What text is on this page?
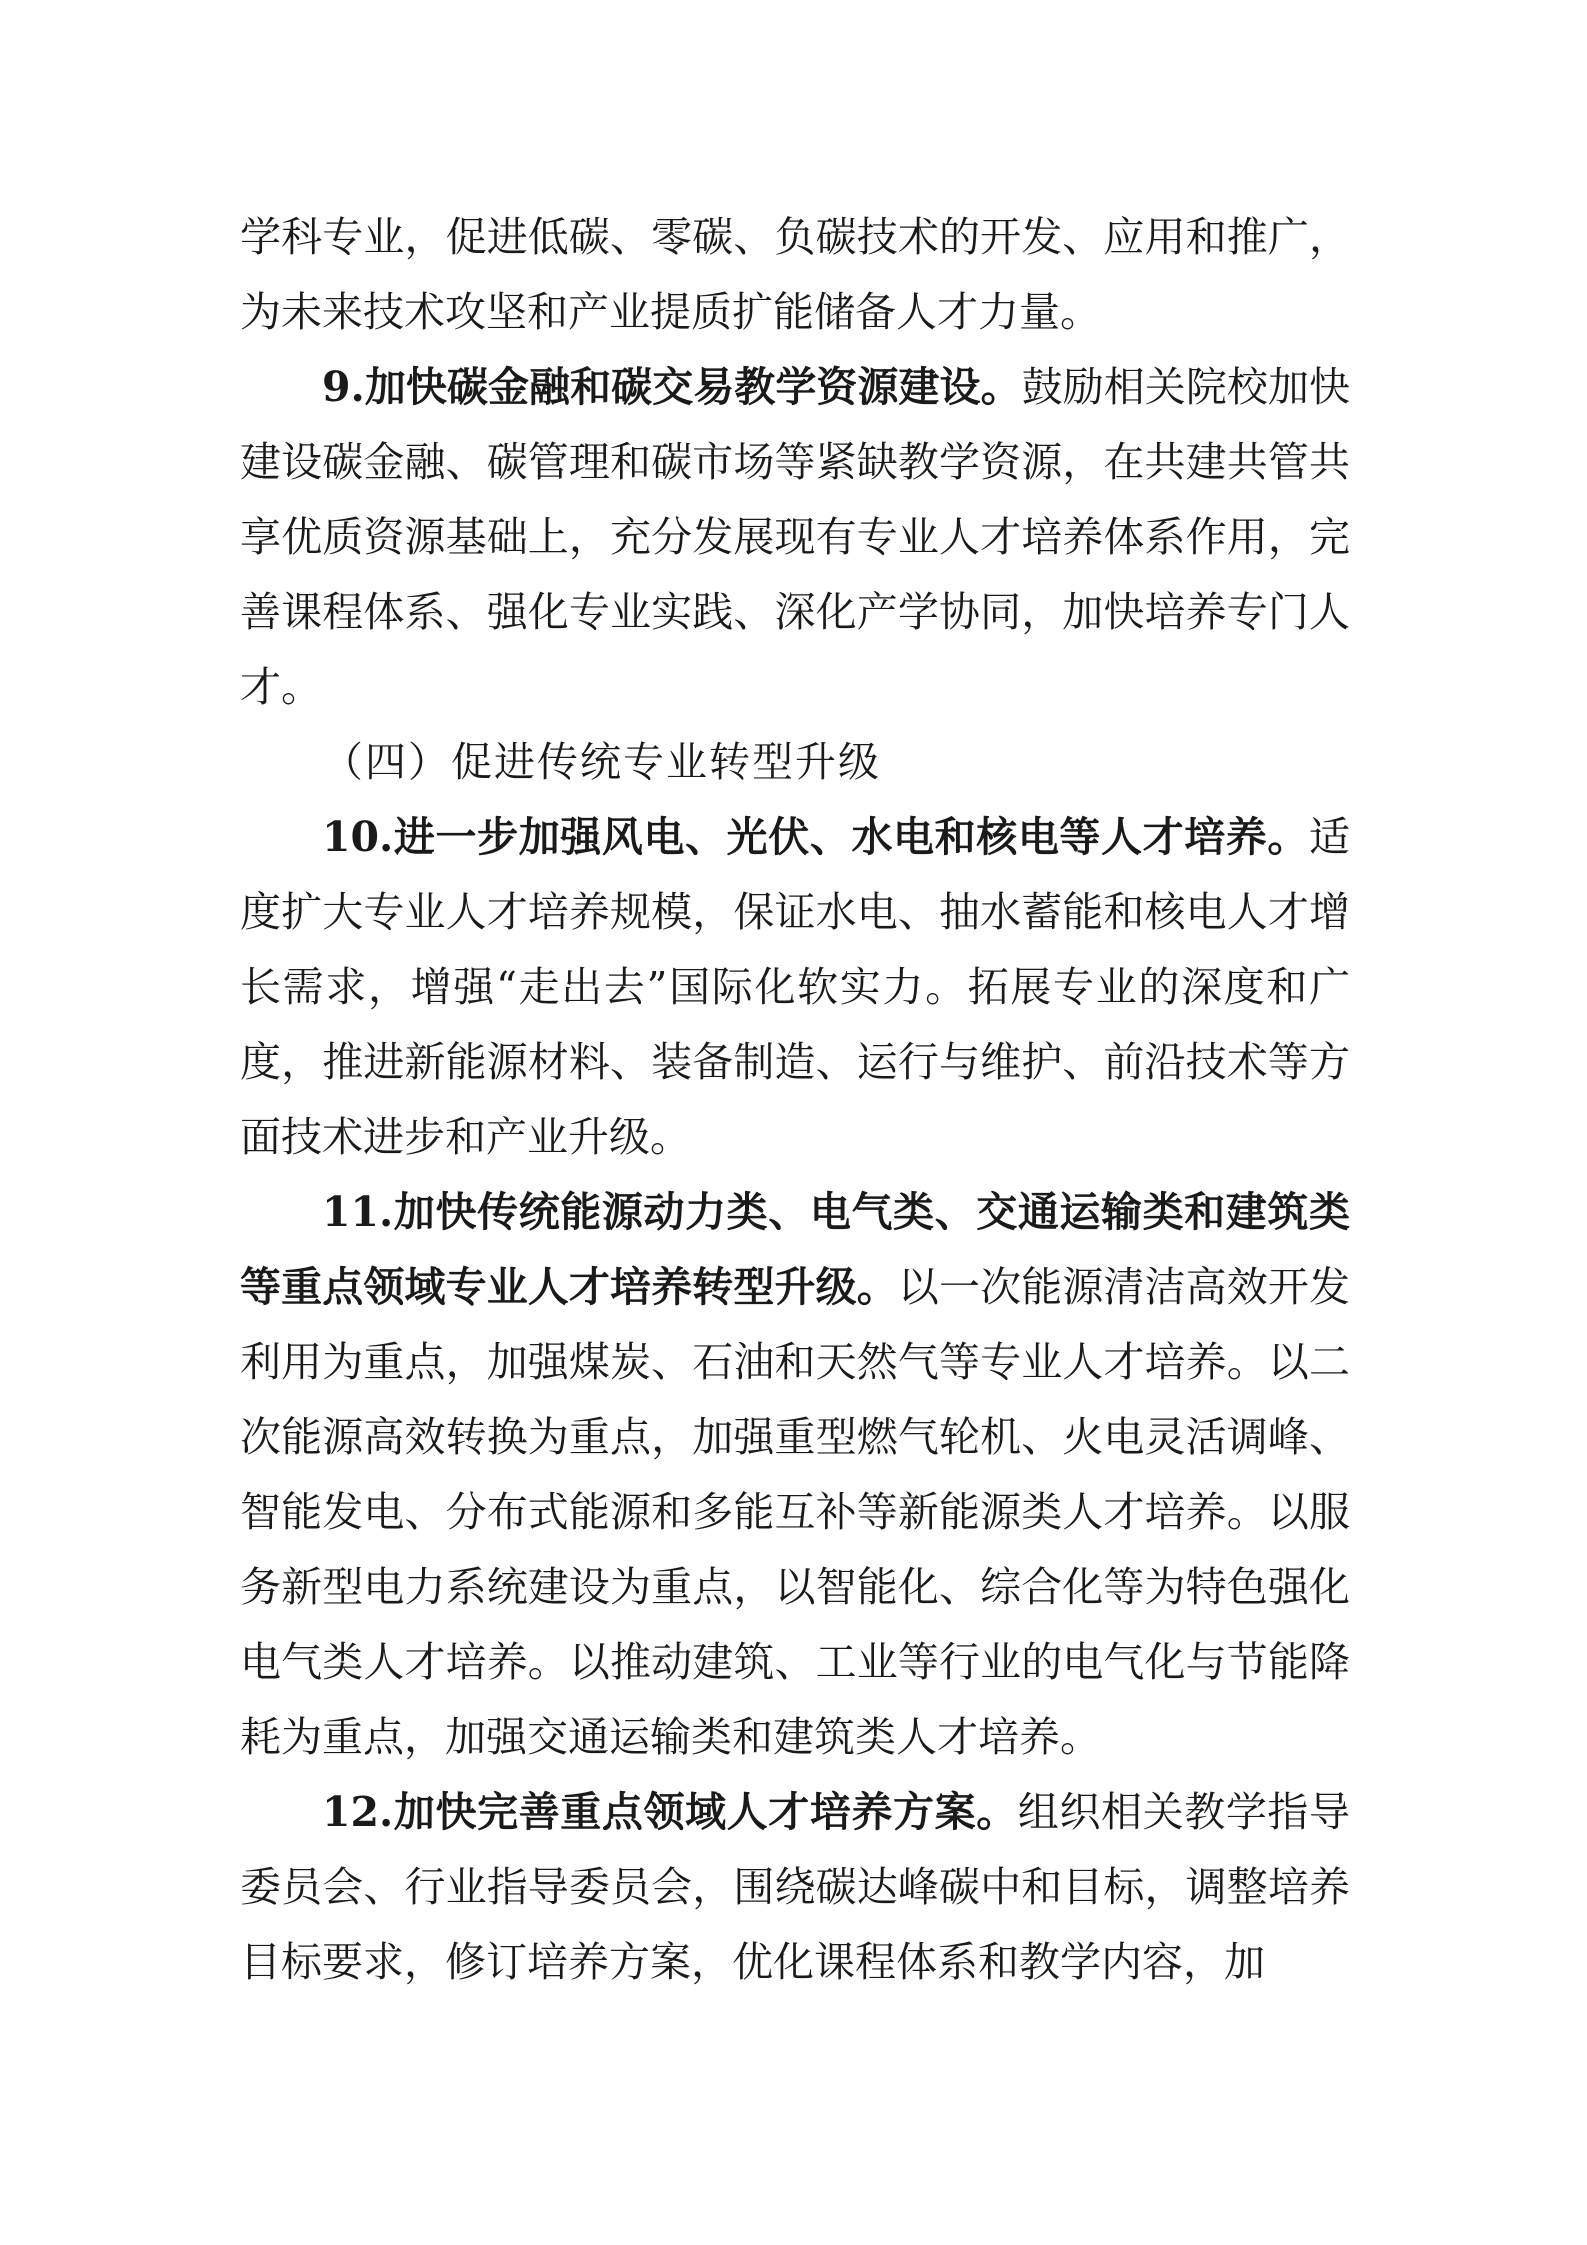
学科专业，促进低碳、零碳、负碳技术的开发、应用和推广，为未来技术攻坚和产业提质扩能储备人才力量。

9.加快碳金融和碳交易教学资源建设。鼓励相关院校加快建设碳金融、碳管理和碳市场等紧缺教学资源，在共建共管共享优质资源基础上，充分发展现有专业人才培养体系作用，完善课程体系、强化专业实践、深化产学协同，加快培养专门人才。

（四）促进传统专业转型升级

10.进一步加强风电、光伏、水电和核电等人才培养。适度扩大专业人才培养规模，保证水电、抽水蓄能和核电人才增长需求，增强“走出去”国际化软实力。拓展专业的深度和广度，推进新能源材料、装备制造、运行与维护、前沿技术等方面技术进步和产业升级。

11.加快传统能源动力类、电气类、交通运输类和建筑类等重点领域专业人才培养转型升级。以一次能源清洁高效开发利用为重点，加强煤炭、石油和天然气等专业人才培养。以二次能源高效转换为重点，加强重型燃气轮机、火电灵活调峰、智能发电、分布式能源和多能互补等新能源类人才培养。以服务新型电力系统建设为重点，以智能化、综合化等为特色强化电气类人才培养。以推动建筑、工业等行业的电气化与节能降耗为重点，加强交通运输类和建筑类人才培养。

12.加快完善重点领域人才培养方案。组织相关教学指导委员会、行业指导委员会，围绕碳达峰碳中和目标，调整培养目标要求，修订培养方案，优化课程体系和教学内容，加
